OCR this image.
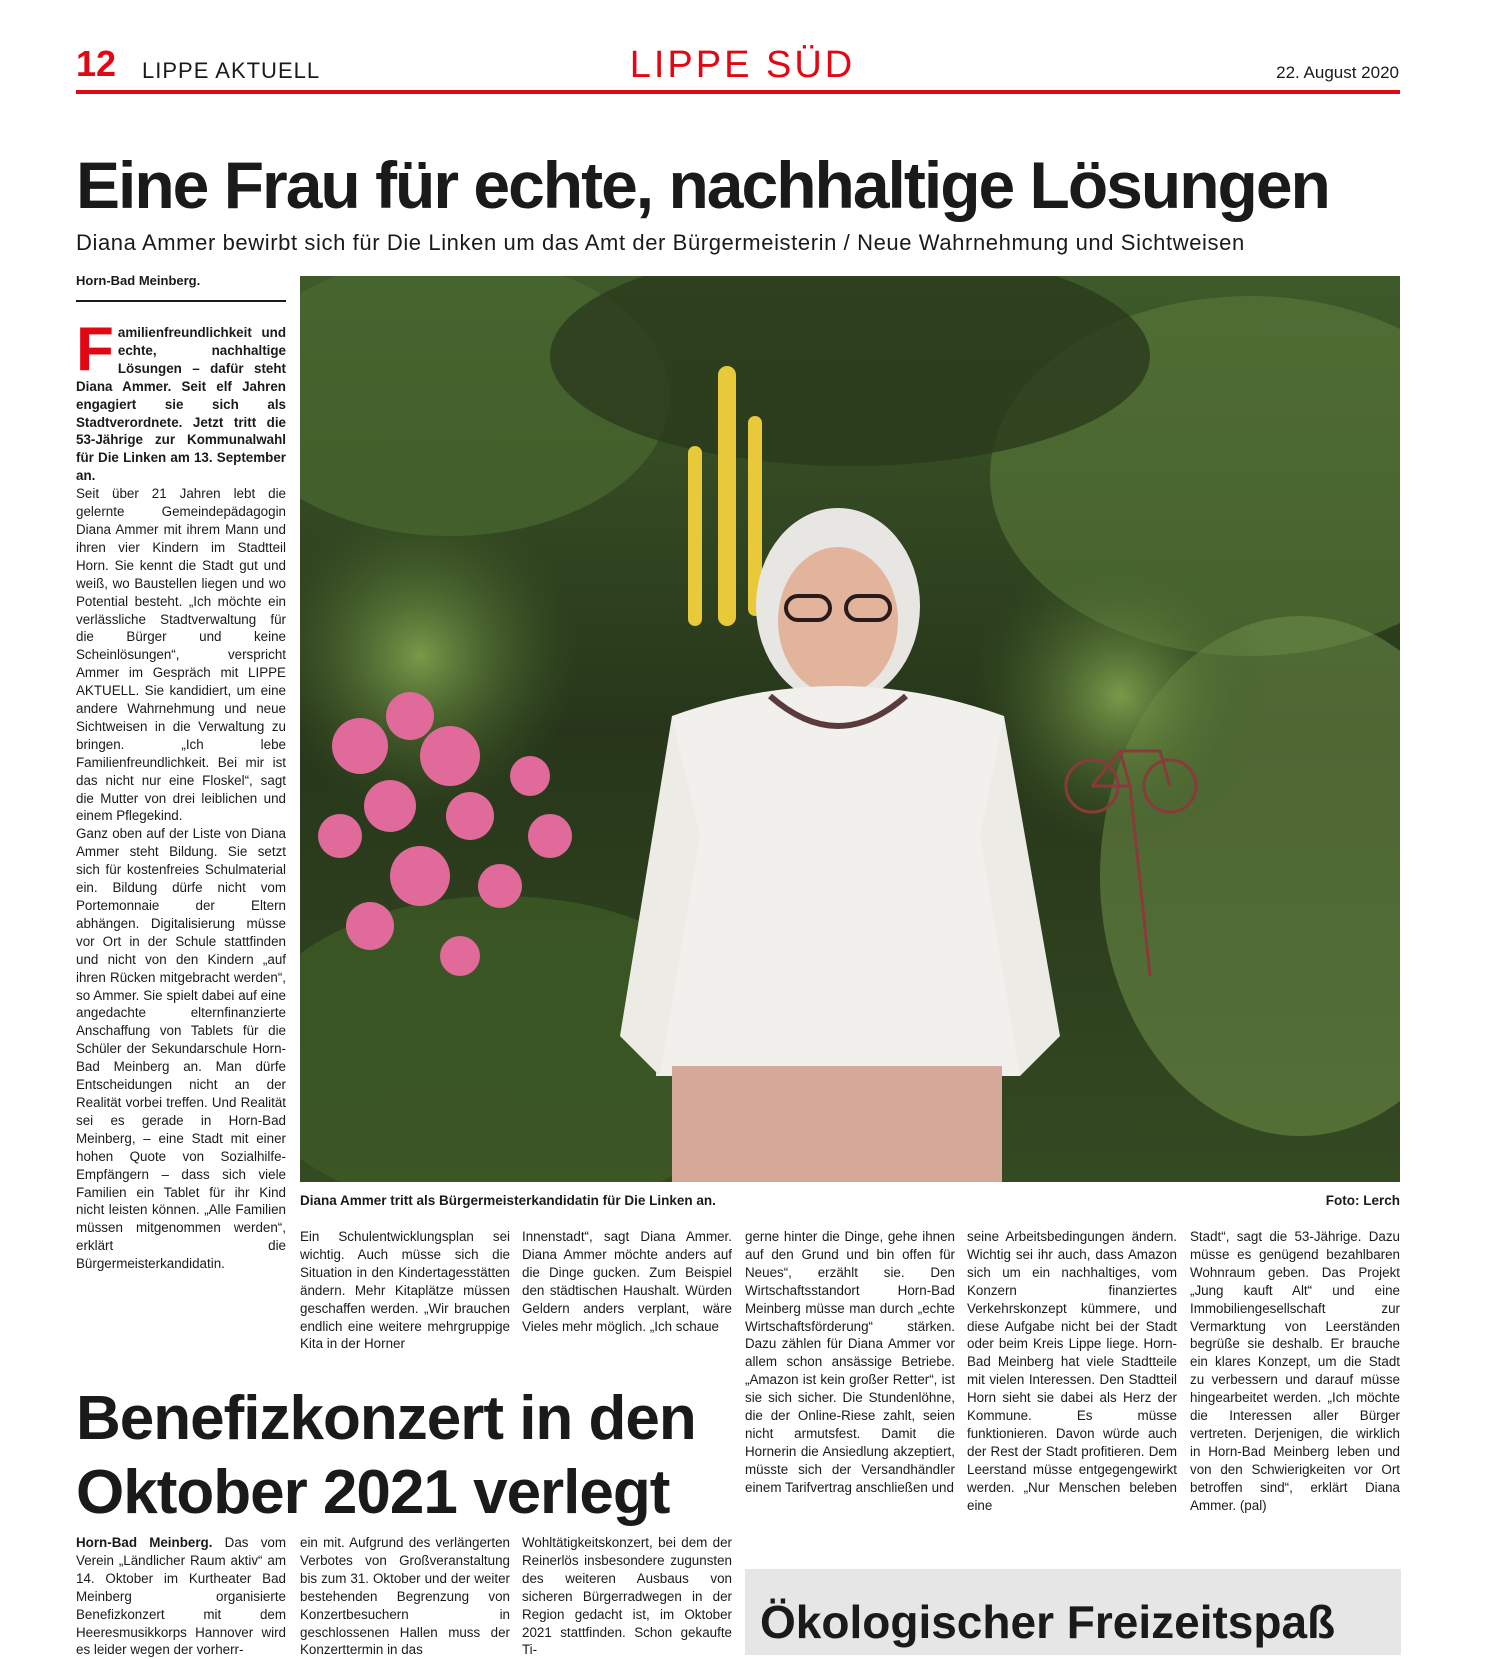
12 LIPPE AKTUELL	LIPPE SÜD	22. August 2020
Eine Frau für echte, nachhaltige Lösungen
Diana Ammer bewirbt sich für Die Linken um das Amt der Bürgermeisterin / Neue Wahrnehmung und Sichtweisen
Horn-Bad Meinberg.
F amilienfreundlichkeit und echte, nachhaltige Lösungen – dafür steht Diana Ammer. Seit elf Jahren engagiert sie sich als Stadtverordnete. Jetzt tritt die 53-Jährige zur Kommunalwahl für Die Linken am 13. September an.
Seit über 21 Jahren lebt die gelernte Gemeindepädagogin Diana Ammer mit ihrem Mann und ihren vier Kindern im Stadtteil Horn. Sie kennt die Stadt gut und weiß, wo Baustellen liegen und wo Potential besteht. „Ich möchte ein verlässliche Stadtverwaltung für die Bürger und keine Scheinlösungen“, verspricht Ammer im Gespräch mit LIPPE AKTUELL. Sie kandidiert, um eine andere Wahrnehmung und neue Sichtweisen in die Verwaltung zu bringen. „Ich lebe Familienfreundlichkeit. Bei mir ist das nicht nur eine Floskel“, sagt die Mutter von drei leiblichen und einem Pflegekind.
Ganz oben auf der Liste von Diana Ammer steht Bildung. Sie setzt sich für kostenfreies Schulmaterial ein. Bildung dürfe nicht vom Portemonnaie der Eltern abhängen. Digitalisierung müsse vor Ort in der Schule stattfinden und nicht von den Kindern „auf ihren Rücken mitgebracht werden“, so Ammer. Sie spielt dabei auf eine angedachte elternfinanzierte Anschaffung von Tablets für die Schüler der Sekundarschule Horn-Bad Meinberg an. Man dürfe Entscheidungen nicht an der Realität vorbei treffen. Und Realität sei es gerade in Horn-Bad Meinberg, – eine Stadt mit einer hohen Quote von Sozialhilfe-Empfängern – dass sich viele Familien ein Tablet für ihr Kind nicht leisten können. „Alle Familien müssen mitgenommen werden“, erklärt die Bürgermeisterkandidatin.
Diana Ammer tritt als Bürgermeisterkandidatin für Die Linken an.	Foto: Lerch
Ein Schulentwicklungsplan sei wichtig. Auch müsse sich die Situation in den Kindertagesstätten ändern. Mehr Kitaplätze müssen geschaffen werden. „Wir brauchen endlich eine weitere mehrgruppige Kita in der Horner
Innenstadt“, sagt Diana Ammer. Diana Ammer möchte anders auf die Dinge gucken. Zum Beispiel den städtischen Haushalt. Würden Geldern anders verplant, wäre Vieles mehr möglich. „Ich schaue
gerne hinter die Dinge, gehe ihnen auf den Grund und bin offen für Neues“, erzählt sie. Den Wirtschaftsstandort Horn-Bad Meinberg müsse man durch „echte Wirtschaftsförderung“ stärken. Dazu zählen für Diana Ammer vor allem schon ansässige Betriebe. „Amazon ist kein großer Retter“, ist sie sich sicher. Die Stundenlöhne, die der Online-Riese zahlt, seien nicht armutsfest. Damit die Hornerin die Ansiedlung akzeptiert, müsste sich der Versandhändler einem Tarifvertrag anschließen und
seine Arbeitsbedingungen ändern. Wichtig sei ihr auch, dass Amazon sich um ein nachhaltiges, vom Konzern finanziertes Verkehrskonzept kümmere, und diese Aufgabe nicht bei der Stadt oder beim Kreis Lippe liege. Horn-Bad Meinberg hat viele Stadtteile mit vielen Interessen. Den Stadtteil Horn sieht sie dabei als Herz der Kommune. Es müsse funktionieren. Davon würde auch der Rest der Stadt profitieren. Dem Leerstand müsse entgegengewirkt werden. „Nur Menschen beleben eine
Stadt“, sagt die 53-Jährige. Dazu müsse es genügend bezahlbaren Wohnraum geben. Das Projekt „Jung kauft Alt“ und eine Immobiliengesellschaft zur Vermarktung von Leerständen begrüße sie deshalb. Er brauche ein klares Konzept, um die Stadt zu verbessern und darauf müsse hingearbeitet werden. „Ich möchte die Interessen aller Bürger vertreten. Derjenigen, die wirklich in Horn-Bad Meinberg leben und von den Schwierigkeiten vor Ort betroffen sind“, erklärt Diana Ammer. (pal)
Benefizkonzert in den Oktober 2021 verlegt
Horn-Bad Meinberg. Das vom Verein „Ländlicher Raum aktiv“ am 14. Oktober im Kurtheater Bad Meinberg organisierte Benefizkonzert mit dem Heeresmusikkorps Hannover wird es leider wegen der vorherr-
ein mit. Aufgrund des verlängerten Verbotes von Großveranstaltung bis zum 31. Oktober und der weiter bestehenden Begrenzung von Konzertbesuchern in geschlossenen Hallen muss der Konzerttermin in das
Wohltätigkeitskonzert, bei dem der Reinerlös insbesondere zugunsten des weiteren Ausbaus von sicheren Bürgerradwegen in der Region gedacht ist, im Oktober 2021 stattfinden. Schon gekaufte Ti-
Ökologischer Freizeitspaß
